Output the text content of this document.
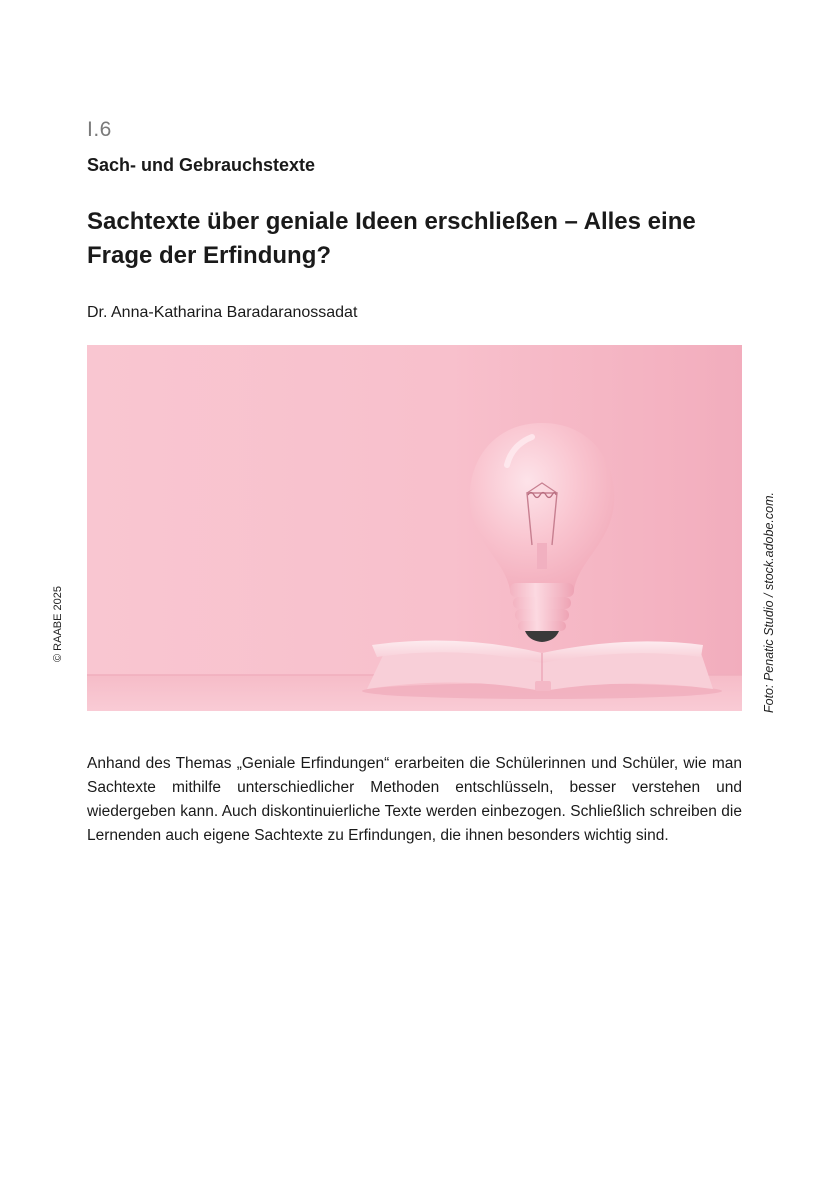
I.6
Sach- und Gebrauchstexte
Sachtexte über geniale Ideen erschließen – Alles eine Frage der Erfindung?
Dr. Anna-Katharina Baradaranossadat
Foto: Penatic Studio / stock.adobe.com.
© RAABE 2025

Anhand des Themas „Geniale Erfindungen“ erarbeiten die Schülerinnen und Schüler, wie man Sachtexte mithilfe unterschiedlicher Methoden entschlüsseln, besser verstehen und wiedergeben kann. Auch diskontinuierliche Texte werden einbezogen. Schließlich schreiben die Lernenden auch eigene Sachtexte zu Erfindungen, die ihnen besonders wichtig sind.
